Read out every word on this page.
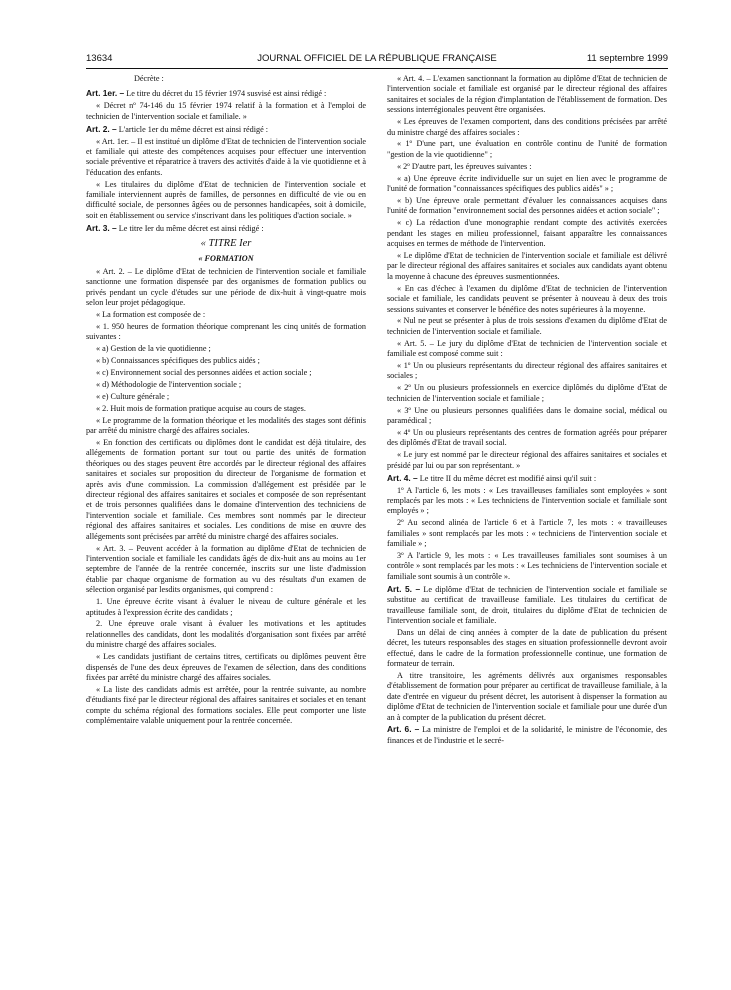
13634	JOURNAL OFFICIEL DE LA RÉPUBLIQUE FRANÇAISE	11 septembre 1999

Décrète :

Art. 1er. – Le titre du décret du 15 février 1974 susvisé est ainsi rédigé :

« Décret nº 74-146 du 15 février 1974 relatif à la formation et à l'emploi de technicien de l'intervention sociale et familiale. »

Art. 2. – L'article 1er du même décret est ainsi rédigé :

« Art. 1er. – Il est institué un diplôme d'Etat de technicien de l'intervention sociale et familiale qui atteste des compétences acquises pour effectuer une intervention sociale préventive et réparatrice à travers des activités d'aide à la vie quotidienne et à l'éducation des enfants.

« Les titulaires du diplôme d'Etat de technicien de l'intervention sociale et familiale interviennent auprès de familles, de personnes en difficulté de vie ou en difficulté sociale, de personnes âgées ou de personnes handicapées, soit à domicile, soit en établissement ou service s'inscrivant dans les politiques d'action sociale. »

Art. 3. – Le titre Ier du même décret est ainsi rédigé :

« TITRE Ier

« FORMATION

« Art. 2. – Le diplôme d'Etat de technicien de l'intervention sociale et familiale sanctionne une formation dispensée par des organismes de formation publics ou privés pendant un cycle d'études sur une période de dix-huit à vingt-quatre mois selon leur projet pédagogique.

« La formation est composée de :

« 1. 950 heures de formation théorique comprenant les cinq unités de formation suivantes :

« a) Gestion de la vie quotidienne ;

« b) Connaissances spécifiques des publics aidés ;

« c) Environnement social des personnes aidées et action sociale ;

« d) Méthodologie de l'intervention sociale ;

« e) Culture générale ;

« 2. Huit mois de formation pratique acquise au cours de stages.

« Le programme de la formation théorique et les modalités des stages sont définis par arrêté du ministre chargé des affaires sociales.

« En fonction des certificats ou diplômes dont le candidat est déjà titulaire, des allégements de formation portant sur tout ou partie des unités de formation théoriques ou des stages peuvent être accordés par le directeur régional des affaires sanitaires et sociales sur proposition du directeur de l'organisme de formation et après avis d'une commission. La commission d'allégement est présidée par le directeur régional des affaires sanitaires et sociales et composée de son représentant et de trois personnes qualifiées dans le domaine d'intervention des techniciens de l'intervention sociale et familiale. Ces membres sont nommés par le directeur régional des affaires sanitaires et sociales. Les conditions de mise en œuvre des allégements sont précisées par arrêté du ministre chargé des affaires sociales.

« Art. 3. – Peuvent accéder à la formation au diplôme d'Etat de technicien de l'intervention sociale et familiale les candidats âgés de dix-huit ans au moins au 1er septembre de l'année de la rentrée concernée, inscrits sur une liste d'admission établie par chaque organisme de formation au vu des résultats d'un examen de sélection organisé par lesdits organismes, qui comprend :

1. Une épreuve écrite visant à évaluer le niveau de culture générale et les aptitudes à l'expression écrite des candidats ;

2. Une épreuve orale visant à évaluer les motivations et les aptitudes relationnelles des candidats, dont les modalités d'organisation sont fixées par arrêté du ministre chargé des affaires sociales.

« Les candidats justifiant de certains titres, certificats ou diplômes peuvent être dispensés de l'une des deux épreuves de l'examen de sélection, dans des conditions fixées par arrêté du ministre chargé des affaires sociales.

« La liste des candidats admis est arrêtée, pour la rentrée suivante, au nombre d'étudiants fixé par le directeur régional des affaires sanitaires et sociales et en tenant compte du schéma régional des formations sociales. Elle peut comporter une liste complémentaire valable uniquement pour la rentrée concernée.

« Art. 4. – L'examen sanctionnant la formation au diplôme d'Etat de technicien de l'intervention sociale et familiale est organisé par le directeur régional des affaires sanitaires et sociales de la région d'implantation de l'établissement de formation. Des sessions interrégionales peuvent être organisées.

« Les épreuves de l'examen comportent, dans des conditions précisées par arrêté du ministre chargé des affaires sociales :

« 1º D'une part, une évaluation en contrôle continu de l'unité de formation "gestion de la vie quotidienne" ;

« 2º D'autre part, les épreuves suivantes :

« a) Une épreuve écrite individuelle sur un sujet en lien avec le programme de l'unité de formation "connaissances spécifiques des publics aidés" » ;

« b) Une épreuve orale permettant d'évaluer les connaissances acquises dans l'unité de formation "environnement social des personnes aidées et action sociale" ;

« c) La rédaction d'une monographie rendant compte des activités exercées pendant les stages en milieu professionnel, faisant apparaître les connaissances acquises en termes de méthode de l'intervention.

« Le diplôme d'Etat de technicien de l'intervention sociale et familiale est délivré par le directeur régional des affaires sanitaires et sociales aux candidats ayant obtenu la moyenne à chacune des épreuves susmentionnées.

« En cas d'échec à l'examen du diplôme d'Etat de technicien de l'intervention sociale et familiale, les candidats peuvent se présenter à nouveau à deux des trois sessions suivantes et conserver le bénéfice des notes supérieures à la moyenne.

« Nul ne peut se présenter à plus de trois sessions d'examen du diplôme d'Etat de technicien de l'intervention sociale et familiale.

« Art. 5. – Le jury du diplôme d'Etat de technicien de l'intervention sociale et familiale est composé comme suit :

« 1º Un ou plusieurs représentants du directeur régional des affaires sanitaires et sociales ;

« 2º Un ou plusieurs professionnels en exercice diplômés du diplôme d'Etat de technicien de l'intervention sociale et familiale ;

« 3º Une ou plusieurs personnes qualifiées dans le domaine social, médical ou paramédical ;

« 4º Un ou plusieurs représentants des centres de formation agréés pour préparer des diplômés d'Etat de travail social.

« Le jury est nommé par le directeur régional des affaires sanitaires et sociales et présidé par lui ou par son représentant. »

Art. 4. – Le titre II du même décret est modifié ainsi qu'il suit :

1º A l'article 6, les mots : « Les travailleuses familiales sont employées » sont remplacés par les mots : « Les techniciens de l'intervention sociale et familiale sont employés » ;

2º Au second alinéa de l'article 6 et à l'article 7, les mots : « travailleuses familiales » sont remplacés par les mots : « techniciens de l'intervention sociale et familiale » ;

3º A l'article 9, les mots : « Les travailleuses familiales sont soumises à un contrôle » sont remplacés par les mots : « Les techniciens de l'intervention sociale et familiale sont soumis à un contrôle ».

Art. 5. – Le diplôme d'Etat de technicien de l'intervention sociale et familiale se substitue au certificat de travailleuse familiale. Les titulaires du certificat de travailleuse familiale sont, de droit, titulaires du diplôme d'Etat de technicien de l'intervention sociale et familiale.

Dans un délai de cinq années à compter de la date de publication du présent décret, les tuteurs responsables des stages en situation professionnelle devront avoir effectué, dans le cadre de la formation professionnelle continue, une formation de formateur de terrain.

A titre transitoire, les agréments délivrés aux organismes responsables d'établissement de formation pour préparer au certificat de travailleuse familiale, à la date d'entrée en vigueur du présent décret, les autorisent à dispenser la formation au diplôme d'Etat de technicien de l'intervention sociale et familiale pour une durée d'un an à compter de la publication du présent décret.

Art. 6. – La ministre de l'emploi et de la solidarité, le ministre de l'économie, des finances et de l'industrie et le secré-
